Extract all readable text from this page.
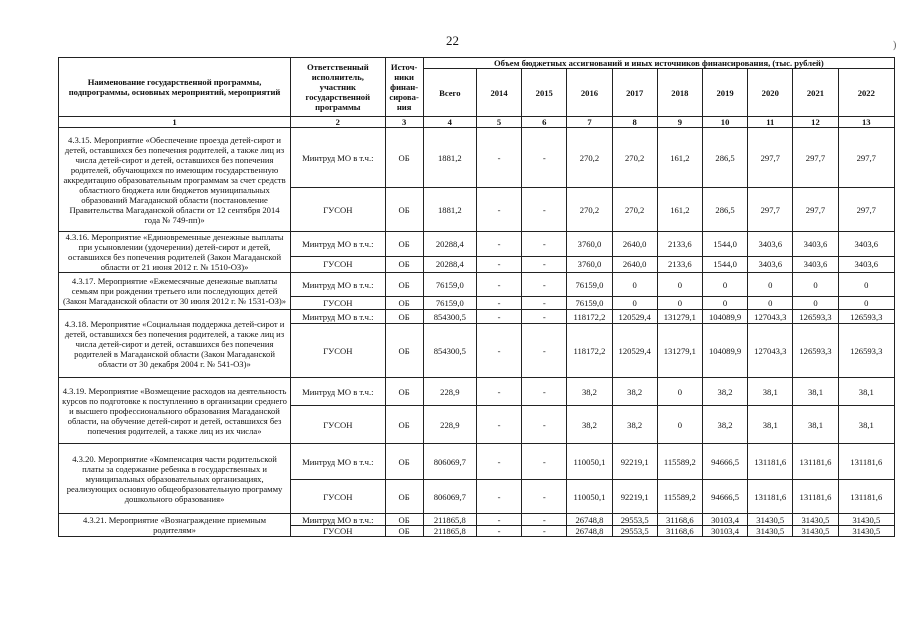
22
Наименование государственной программы, подпрограммы, основных мероприятий, мероприятий	Ответственный исполнитель, участник государственной программы	Источ-ники финан-сирова-ния	Объем бюджетных ассигнований и иных источников финансирования, (тыс. рублей)									
			Всего	2014	2015	2016	2017	2018	2019	2020	2021	2022
1	2	3	4	5	6	7	8	9	10	11	12	13
4.3.15. Мероприятие «Обеспечение проезда детей-сирот и детей, оставшихся без попечения родителей, а также лиц из числа детей-сирот и детей, оставшихся без попечения родителей, обучающихся по имеющим государственную аккредитацию образовательным программам за счет средств областного бюджета или бюджетов муниципальных образований Магаданской области (постановление Правительства Магаданской области от 12 сентября 2014 года № 749-пп)»	Минтруд МО в т.ч.:	ОБ	1881,2	-	-	270,2	270,2	161,2	286,5	297,7	297,7	297,7
	ГУСОН	ОБ	1881,2	-	-	270,2	270,2	161,2	286,5	297,7	297,7	297,7
4.3.16. Мероприятие «Единовременные денежные выплаты при усыновлении (удочерении) детей-сирот и детей, оставшихся без попечения родителей (Закон Магаданской области от 21 июня 2012 г. № 1510-ОЗ)»	Минтруд МО в т.ч.:	ОБ	20288,4	-	-	3760,0	2640,0	2133,6	1544,0	3403,6	3403,6	3403,6
	ГУСОН	ОБ	20288,4	-	-	3760,0	2640,0	2133,6	1544,0	3403,6	3403,6	3403,6
4.3.17. Мероприятие «Ежемесячные денежные выплаты семьям при рождении третьего или последующих детей (Закон Магаданской области от 30 июля 2012 г. № 1531-ОЗ)»	Минтруд МО в т.ч.:	ОБ	76159,0	-	-	76159,0	0	0	0	0	0	0
	ГУСОН	ОБ	76159,0	-	-	76159,0	0	0	0	0	0	0
4.3.18. Мероприятие «Социальная поддержка детей-сирот и детей, оставшихся без попечения родителей, а также лиц из числа детей-сирот и детей, оставшихся без попечения родителей в Магаданской области (Закон Магаданской области от 30 декабря 2004 г. № 541-ОЗ)»	Минтруд МО в т.ч.:	ОБ	854300,5	-	-	118172,2	120529,4	131279,1	104089,9	127043,3	126593,3	126593,3
	ГУСОН	ОБ	854300,5	-	-	118172,2	120529,4	131279,1	104089,9	127043,3	126593,3	126593,3
4.3.19. Мероприятие «Возмещение расходов на деятельность курсов по подготовке к поступлению в организации среднего и высшего профессионального образования Магаданской области, на обучение детей-сирот и детей, оставшихся без попечения родителей, а также лиц из их числа»	Минтруд МО в т.ч.:	ОБ	228,9	-	-	38,2	38,2	0	38,2	38,1	38,1	38,1
	ГУСОН	ОБ	228,9	-	-	38,2	38,2	0	38,2	38,1	38,1	38,1
4.3.20. Мероприятие «Компенсация части родительской платы за содержание ребенка в государственных и муниципальных образовательных организациях, реализующих основную общеобразовательную программу дошкольного образования»	Минтруд МО в т.ч.:	ОБ	806069,7	-	-	110050,1	92219,1	115589,2	94666,5	131181,6	131181,6	131181,6
	ГУСОН	ОБ	806069,7	-	-	110050,1	92219,1	115589,2	94666,5	131181,6	131181,6	131181,6
4.3.21. Мероприятие «Вознаграждение приемным родителям»	Минтруд МО в т.ч.:	ОБ	211865,8	-	-	26748,8	29553,5	31168,6	30103,4	31430,5	31430,5	31430,5
	ГУСОН	ОБ	211865,8	-	-	26748,8	29553,5	31168,6	30103,4	31430,5	31430,5	31430,5
)
